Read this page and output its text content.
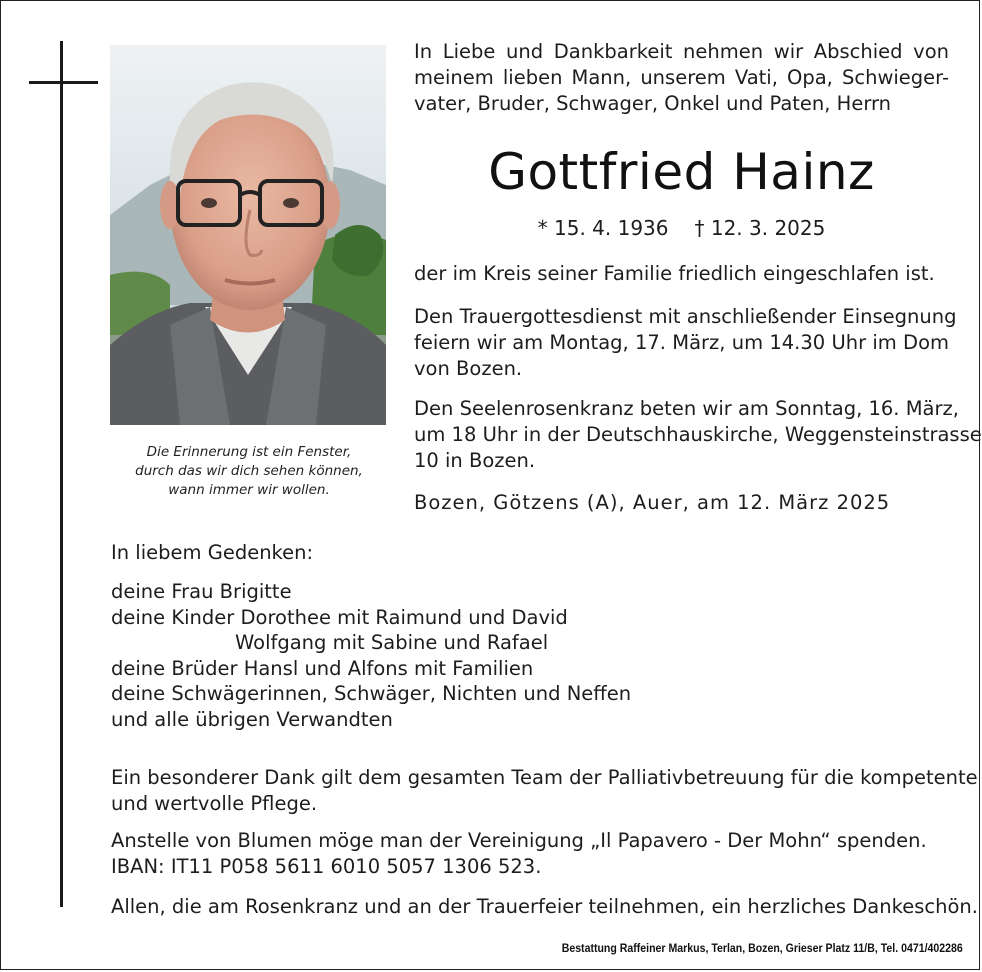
Die Erinnerung ist ein Fenster,
durch das wir dich sehen können,
wann immer wir wollen.
In Liebe und Dankbarkeit nehmen wir Abschied von
meinem lieben Mann, unserem Vati, Opa, Schwieger-
vater, Bruder, Schwager, Onkel und Paten, Herrn
Gottfried Hainz
* 15. 4. 1936 † 12. 3. 2025
der im Kreis seiner Familie friedlich eingeschlafen ist.
Den Trauergottesdienst mit anschließender Einsegnung
feiern wir am Montag, 17. März, um 14.30 Uhr im Dom
von Bozen.
Den Seelenrosenkranz beten wir am Sonntag, 16. März,
um 18 Uhr in der Deutschhauskirche, Weggensteinstrasse
10 in Bozen.
Bozen, Götzens (A), Auer, am 12. März 2025
In liebem Gedenken:
deine Frau Brigitte
deine Kinder Dorothee mit Raimund und David
Wolfgang mit Sabine und Rafael
deine Brüder Hansl und Alfons mit Familien
deine Schwägerinnen, Schwäger, Nichten und Neffen
und alle übrigen Verwandten
Ein besonderer Dank gilt dem gesamten Team der Palliativbetreuung für die kompetente
und wertvolle Pflege.
Anstelle von Blumen möge man der Vereinigung „Il Papavero - Der Mohn“ spenden.
IBAN: IT11 P058 5611 6010 5057 1306 523.
Allen, die am Rosenkranz und an der Trauerfeier teilnehmen, ein herzliches Dankeschön.
Bestattung Raffeiner Markus, Terlan, Bozen, Grieser Platz 11/B, Tel. 0471/402286
